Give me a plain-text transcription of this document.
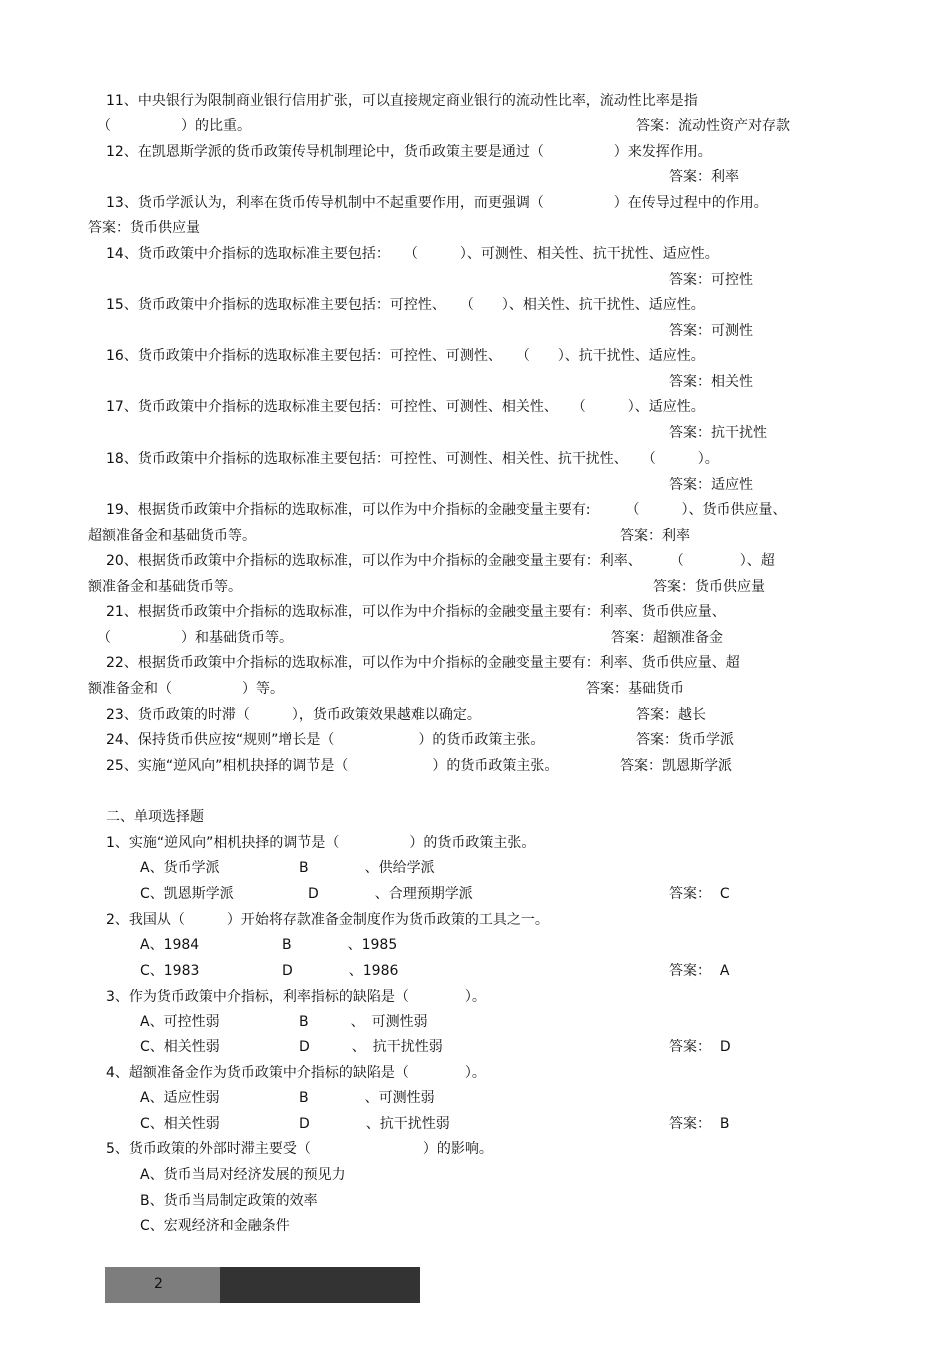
11、中央银行为限制商业银行信用扩张，可以直接规定商业银行的流动性比率，流动性比率是指
（　　　　　）的比重。	答案：流动性资产对存款
12、在凯恩斯学派的货币政策传导机制理论中，货币政策主要是通过（　　　　　）来发挥作用。
答案：利率
13、货币学派认为，利率在货币传导机制中不起重要作用，而更强调（　　　　　）在传导过程中的作用。
答案：货币供应量
14、货币政策中介指标的选取标准主要包括：　　（　　　）、可测性、相关性、抗干扰性、适应性。
答案：可控性
15、货币政策中介指标的选取标准主要包括：可控性、　　（　　）、相关性、抗干扰性、适应性。
答案：可测性
16、货币政策中介指标的选取标准主要包括：可控性、可测性、　　（　　）、抗干扰性、适应性。
答案：相关性
17、货币政策中介指标的选取标准主要包括：可控性、可测性、相关性、　　（　　　）、适应性。
答案：抗干扰性
18、货币政策中介指标的选取标准主要包括：可控性、可测性、相关性、抗干扰性、　　（　　　）。
答案：适应性
19、根据货币政策中介指标的选取标准，可以作为中介指标的金融变量主要有:　　　（　　　）、货币供应量、
超额准备金和基础货币等。	答案：利率
20、根据货币政策中介指标的选取标准，可以作为中介指标的金融变量主要有：利率、　　　（　　　　）、超
额准备金和基础货币等。	答案：货币供应量
21、根据货币政策中介指标的选取标准，可以作为中介指标的金融变量主要有：利率、货币供应量、
（　　　　　）和基础货币等。	答案：超额准备金
22、根据货币政策中介指标的选取标准，可以作为中介指标的金融变量主要有：利率、货币供应量、超
额准备金和（　　　　　）等。	答案：基础货币
23、货币政策的时滞（　　　），货币政策效果越难以确定。	答案：越长
24、保持货币供应按“规则”增长是（　　　　　　）的货币政策主张。	答案：货币学派
25、实施“逆风向”相机抉择的调节是（　　　　　　）的货币政策主张。	答案：凯恩斯学派
二、单项选择题
1、实施“逆风向”相机抉择的调节是（　　　　　）的货币政策主张。
A、货币学派	B　　　　、供给学派
C、凯恩斯学派	D　　　　、合理预期学派	答案：  C
2、我国从（　　　）开始将存款准备金制度作为货币政策的工具之一。
A、1984	B　　　　、1985
C、1983	D　　　　、1986	答案：  A
3、作为货币政策中介指标，利率指标的缺陷是（　　　　）。
A、可控性弱	B　　　、　可测性弱
C、相关性弱	D　　　、　抗干扰性弱	答案：  D
4、超额准备金作为货币政策中介指标的缺陷是（　　　　）。
A、适应性弱	B　　　　、可测性弱
C、相关性弱	D　　　　、抗干扰性弱	答案：  B
5、货币政策的外部时滞主要受（　　　　　　　　）的影响。
A、货币当局对经济发展的预见力
B、货币当局制定政策的效率
C、宏观经济和金融条件
2
